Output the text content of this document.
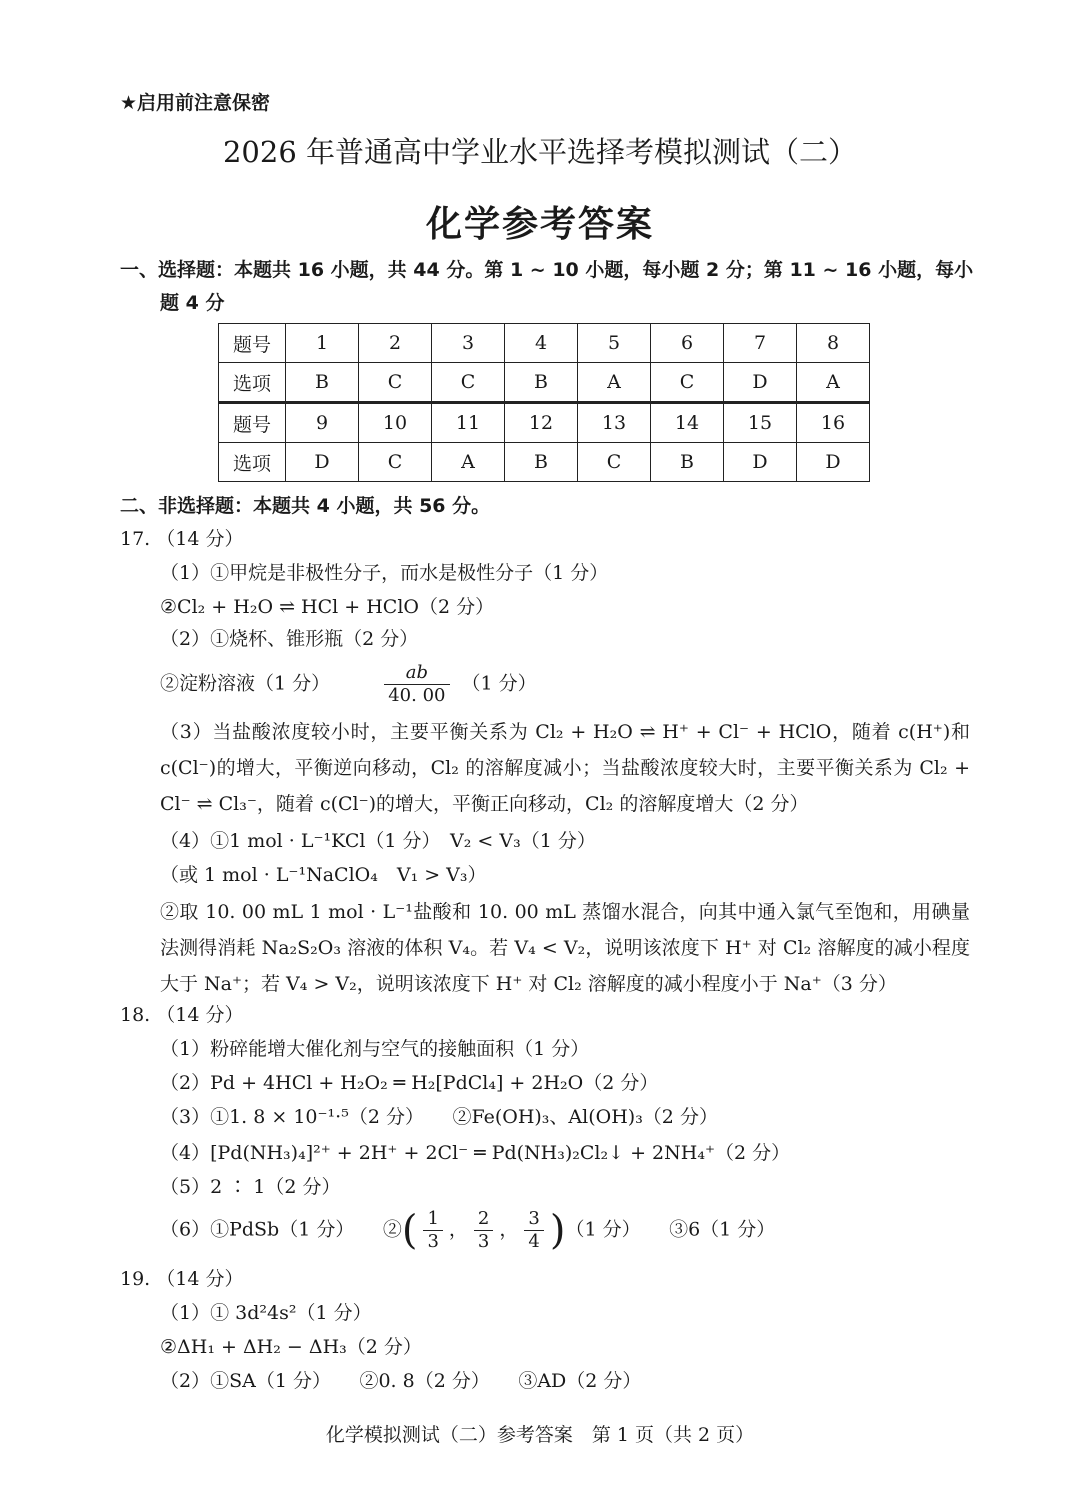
★启用前注意保密
2026 年普通高中学业水平选择考模拟测试（二）
化学参考答案
一、选择题：本题共 16 小题，共 44 分。第 1 ~ 10 小题，每小题 2 分；第 11 ~ 16 小题，每小
题 4 分
题号	1	2	3	4	5	6	7	8
选项	B	C	C	B	A	C	D	A
题号	9	10	11	12	13	14	15	16
选项	D	C	A	B	C	B	D	D
二、非选择题：本题共 4 小题，共 56 分。
17. （14 分）
（1）①甲烷是非极性分子，而水是极性分子（1 分）
②Cl₂ + H₂O ⇌ HCl + HClO（2 分）
（2）①烧杯、锥形瓶（2 分）
②淀粉溶液（1 分）	$\frac{ab}{40. 00} (1$ 分）
（3）当盐酸浓度较小时，主要平衡关系为 Cl₂ + H₂O ⇌ H⁺ + Cl⁻ + HClO，随着 c(H⁺)和 c(Cl⁻)的增大，平衡逆向移动，Cl₂ 的溶解度减小；当盐酸浓度较大时，主要平衡关系为 Cl₂ + Cl⁻ ⇌ Cl₃⁻，随着 c(Cl⁻)的增大，平衡正向移动，Cl₂ 的溶解度增大（2 分）
（4）①1 mol · L⁻¹KCl（1 分）　V₂ < V₃（1 分）
（或 1 mol · L⁻¹NaClO₄　V₁ > V₃）
②取 10. 00 mL 1 mol · L⁻¹盐酸和 10. 00 mL 蒸馏水混合，向其中通入氯气至饱和，用碘量法测得消耗 Na₂S₂O₃ 溶液的体积 V₄。若 V₄ < V₂，说明该浓度下 H⁺ 对 Cl₂ 溶解度的减小程度大于 Na⁺；若 V₄ > V₂，说明该浓度下 H⁺ 对 Cl₂ 溶解度的减小程度小于 Na⁺（3 分）
18. （14 分）
（1）粉碎能增大催化剂与空气的接触面积（1 分）
（2）Pd + 4HCl + H₂O₂ ═ H₂[PdCl₄] + 2H₂O（2 分）
（3）①1. 8 × 10⁻¹·⁵（2 分）　　②Fe(OH)₃、Al(OH)₃（2 分）
（4）[Pd(NH₃)₄]²⁺ + 2H⁺ + 2Cl⁻ ═ Pd(NH₃)₂Cl₂↓ + 2NH₄⁺（2 分）
（5）2 ∶ 1（2 分）
（6）①PdSb（1 分）　　②( $\frac{1}{3}$ ， $\frac{2}{3}$ ， $\frac{3}{4} )(1$ 分）　　③6（1 分）
19. （14 分）
（1）① 3d²4s²（1 分）
②ΔH₁ + ΔH₂ − ΔH₃（2 分）
（2）①SA（1 分）　　②0. 8（2 分）　　③AD（2 分）
化学模拟测试（二）参考答案　第 1 页（共 2 页）
